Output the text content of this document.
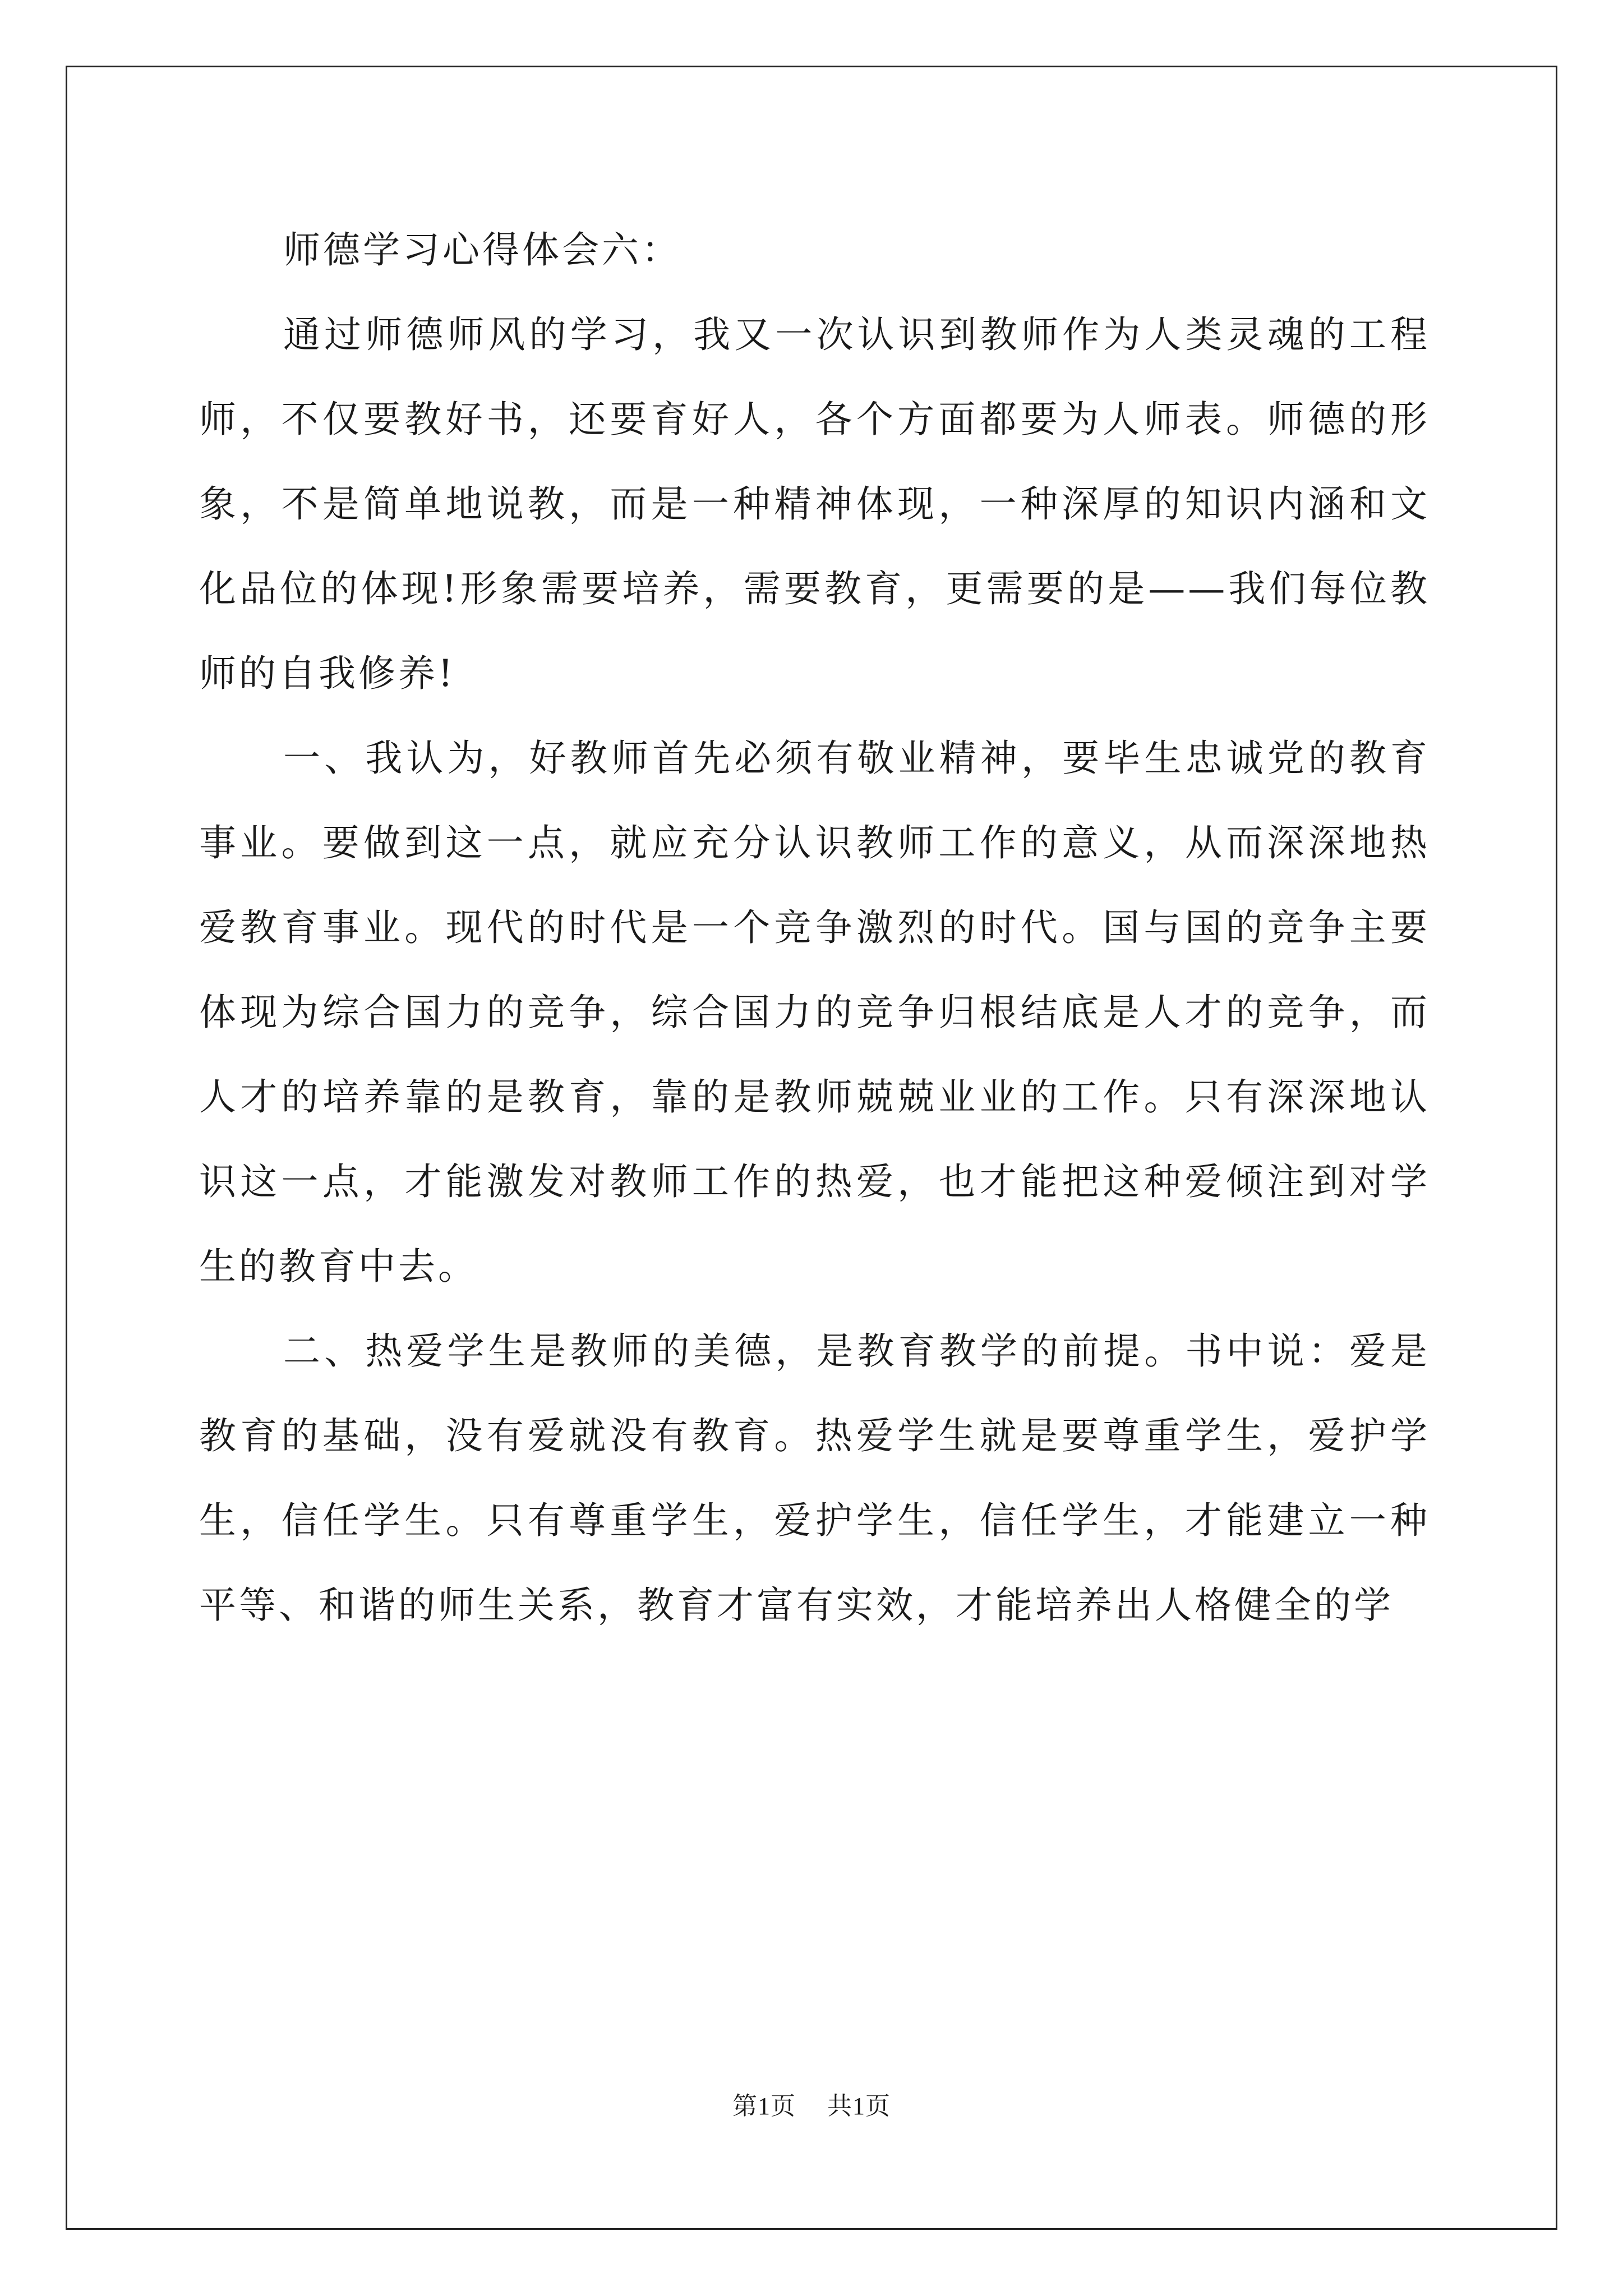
师德学习心得体会六：

通过师德师风的学习，我又一次认识到教师作为人类灵魂的工程师，不仅要教好书，还要育好人，各个方面都要为人师表。师德的形象，不是简单地说教，而是一种精神体现，一种深厚的知识内涵和文化品位的体现!形象需要培养，需要教育，更需要的是——我们每位教师的自我修养!

一、我认为，好教师首先必须有敬业精神，要毕生忠诚党的教育事业。要做到这一点，就应充分认识教师工作的意义，从而深深地热爱教育事业。现代的时代是一个竞争激烈的时代。国与国的竞争主要体现为综合国力的竞争，综合国力的竞争归根结底是人才的竞争，而人才的培养靠的是教育，靠的是教师兢兢业业的工作。只有深深地认识这一点，才能激发对教师工作的热爱，也才能把这种爱倾注到对学生的教育中去。

二、热爱学生是教师的美德，是教育教学的前提。书中说：爱是教育的基础，没有爱就没有教育。热爱学生就是要尊重学生，爱护学生，信任学生。只有尊重学生，爱护学生，信任学生，才能建立一种平等、和谐的师生关系，教育才富有实效，才能培养出人格健全的学

第1页 共1页
